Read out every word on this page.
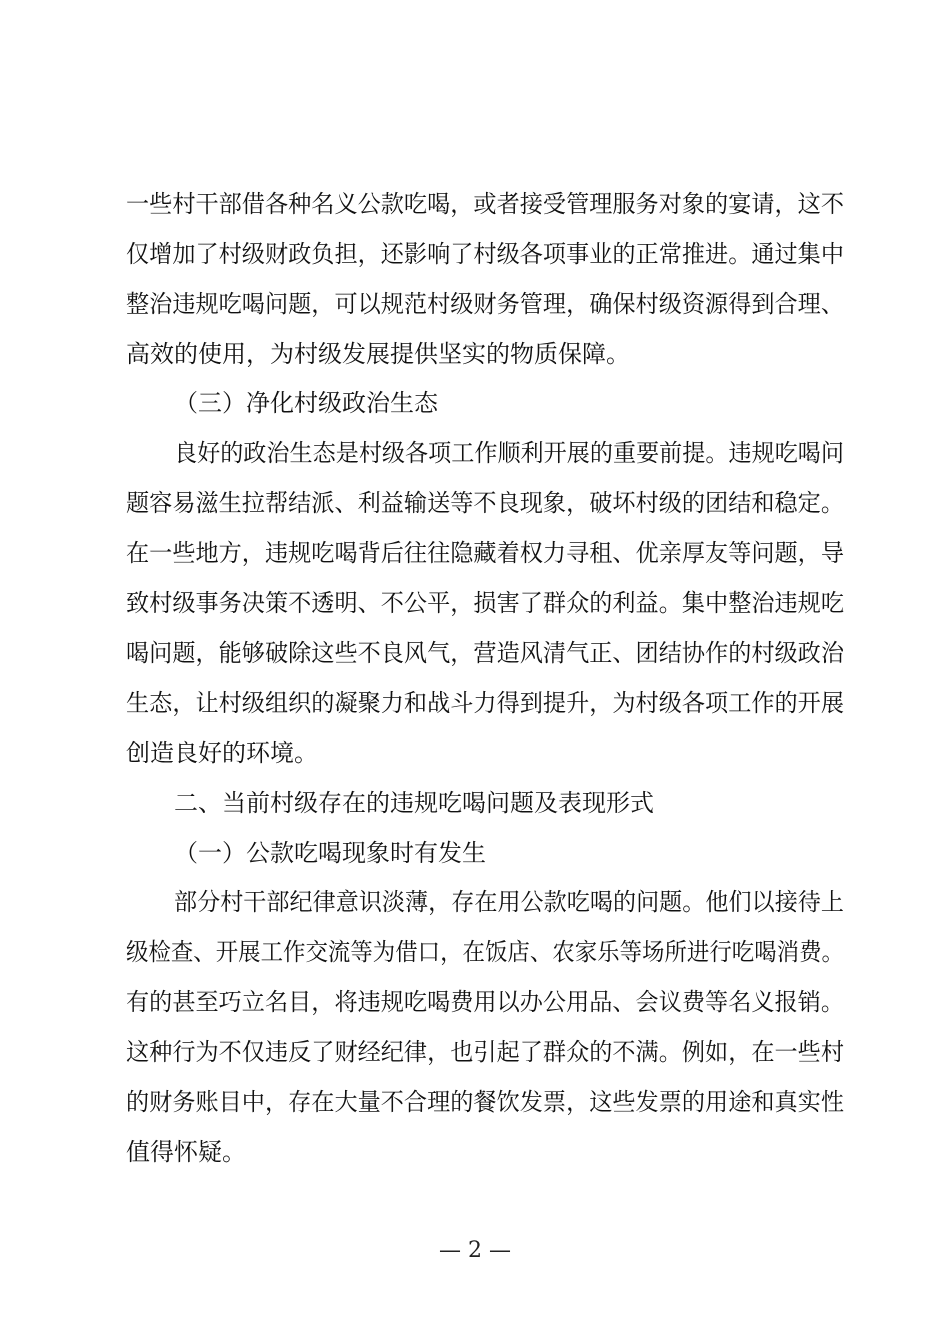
一些村干部借各种名义公款吃喝，或者接受管理服务对象的宴请，这不
仅增加了村级财政负担，还影响了村级各项事业的正常推进。通过集中
整治违规吃喝问题，可以规范村级财务管理，确保村级资源得到合理、
高效的使用，为村级发展提供坚实的物质保障。
（三）净化村级政治生态
良好的政治生态是村级各项工作顺利开展的重要前提。违规吃喝问
题容易滋生拉帮结派、利益输送等不良现象，破坏村级的团结和稳定。
在一些地方，违规吃喝背后往往隐藏着权力寻租、优亲厚友等问题，导
致村级事务决策不透明、不公平，损害了群众的利益。集中整治违规吃
喝问题，能够破除这些不良风气，营造风清气正、团结协作的村级政治
生态，让村级组织的凝聚力和战斗力得到提升，为村级各项工作的开展
创造良好的环境。
二、当前村级存在的违规吃喝问题及表现形式
（一）公款吃喝现象时有发生
部分村干部纪律意识淡薄，存在用公款吃喝的问题。他们以接待上
级检查、开展工作交流等为借口，在饭店、农家乐等场所进行吃喝消费。
有的甚至巧立名目，将违规吃喝费用以办公用品、会议费等名义报销。
这种行为不仅违反了财经纪律，也引起了群众的不满。例如，在一些村
的财务账目中，存在大量不合理的餐饮发票，这些发票的用途和真实性
值得怀疑。
— 2 —
